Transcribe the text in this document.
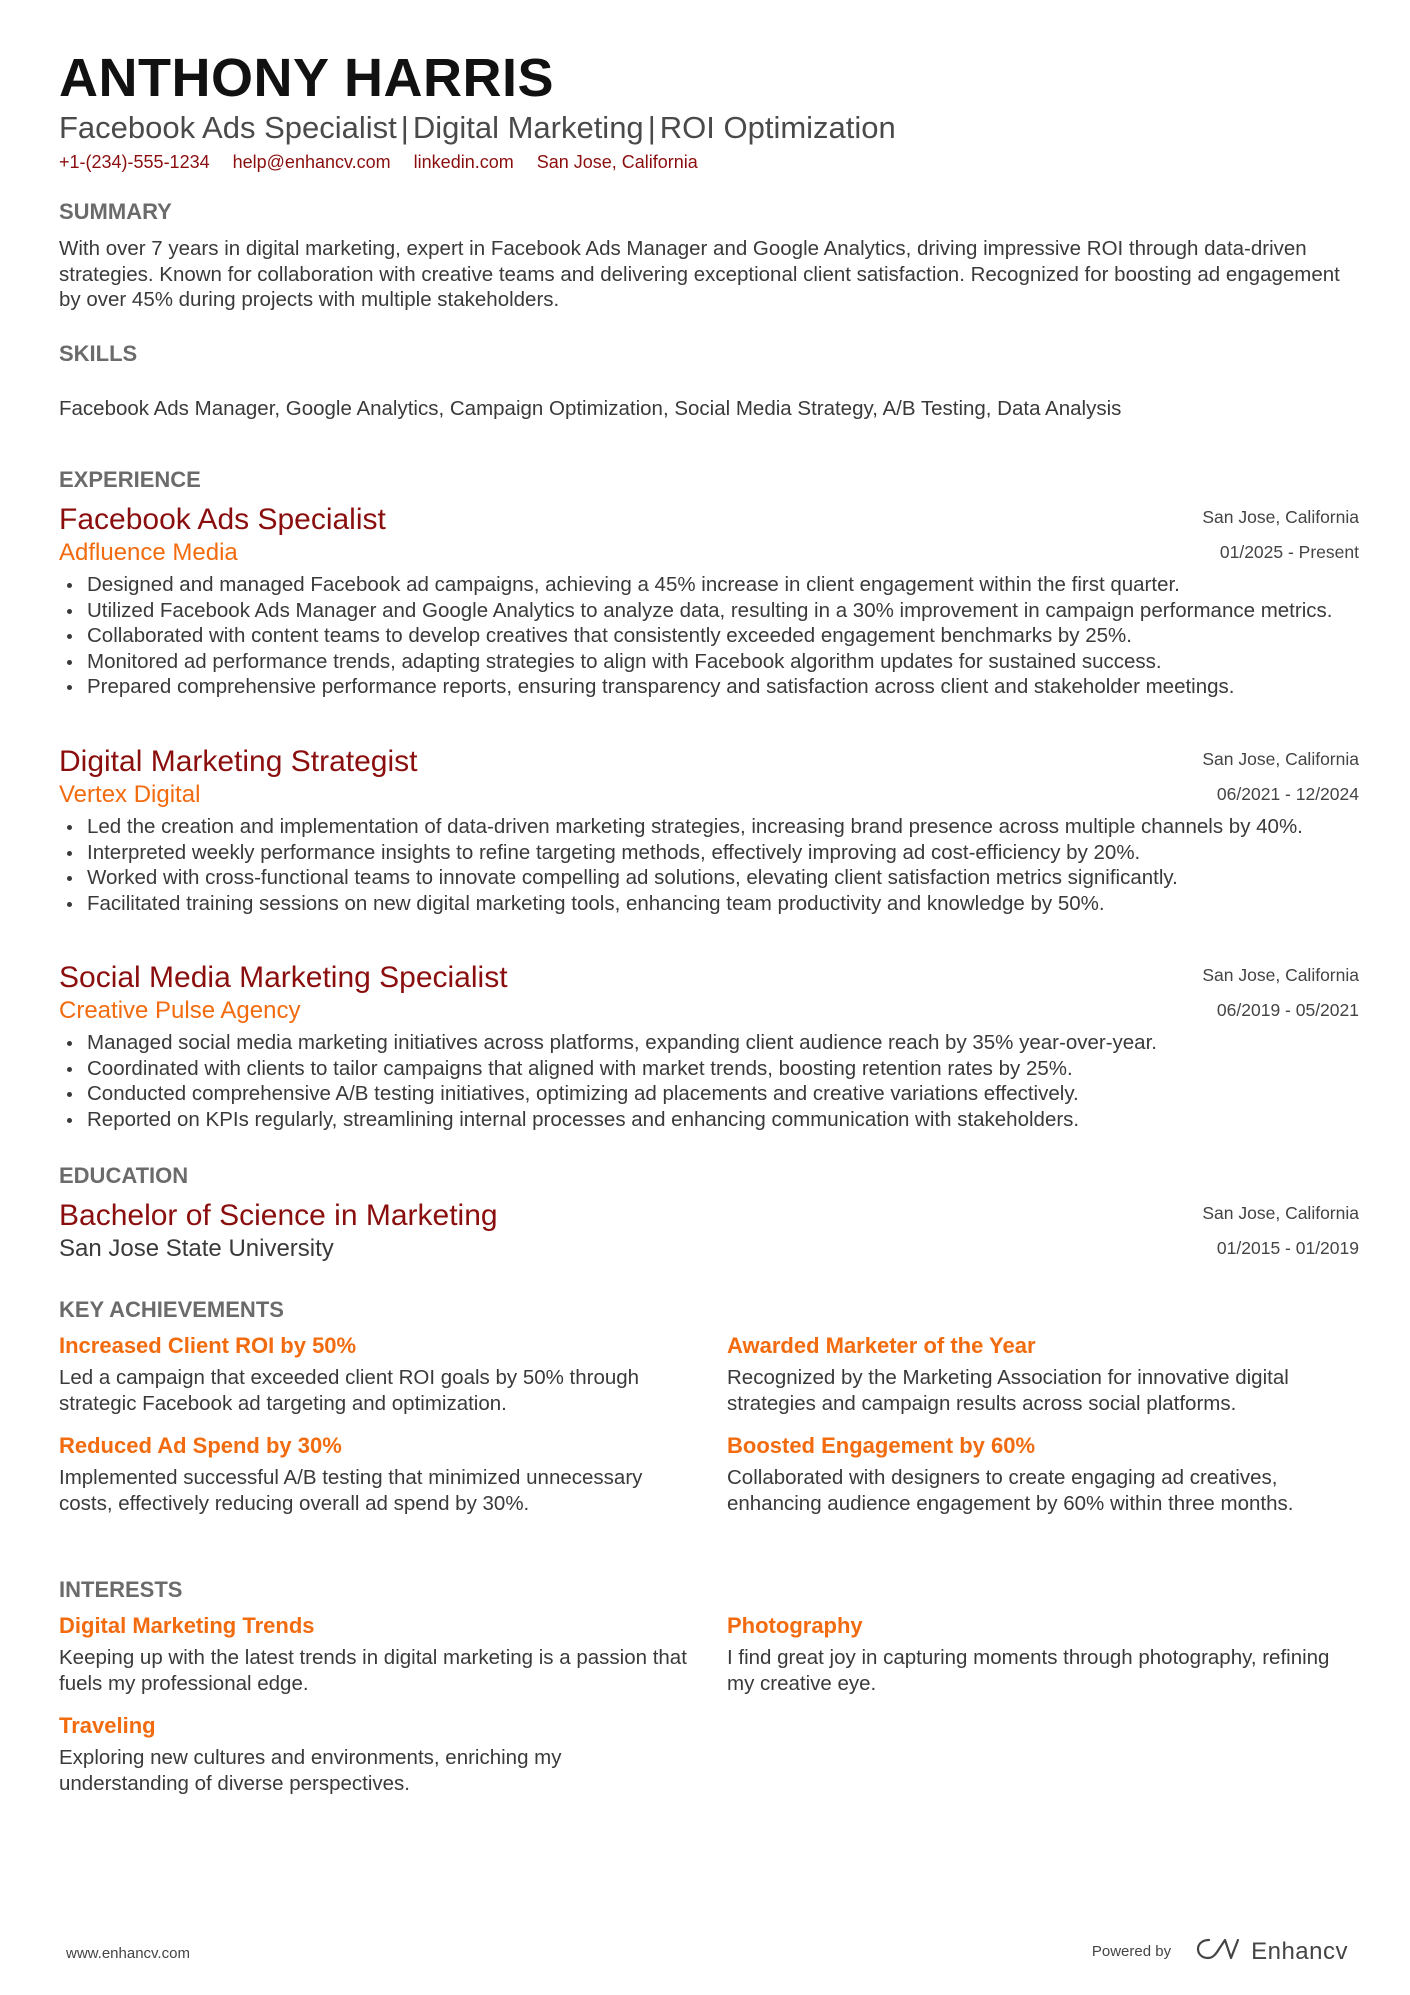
ANTHONY HARRIS
Facebook Ads Specialist | Digital Marketing | ROI Optimization
+1-(234)-555-1234 help@enhancv.com linkedin.com San Jose, California
SUMMARY
With over 7 years in digital marketing, expert in Facebook Ads Manager and Google Analytics, driving impressive ROI through data-driven strategies. Known for collaboration with creative teams and delivering exceptional client satisfaction. Recognized for boosting ad engagement by over 45% during projects with multiple stakeholders.
SKILLS
Facebook Ads Manager, Google Analytics, Campaign Optimization, Social Media Strategy, A/B Testing, Data Analysis
EXPERIENCE
Facebook Ads Specialist
Adfluence Media
San Jose, California
01/2025 - Present
Designed and managed Facebook ad campaigns, achieving a 45% increase in client engagement within the first quarter.
Utilized Facebook Ads Manager and Google Analytics to analyze data, resulting in a 30% improvement in campaign performance metrics.
Collaborated with content teams to develop creatives that consistently exceeded engagement benchmarks by 25%.
Monitored ad performance trends, adapting strategies to align with Facebook algorithm updates for sustained success.
Prepared comprehensive performance reports, ensuring transparency and satisfaction across client and stakeholder meetings.
Digital Marketing Strategist
Vertex Digital
San Jose, California
06/2021 - 12/2024
Led the creation and implementation of data-driven marketing strategies, increasing brand presence across multiple channels by 40%.
Interpreted weekly performance insights to refine targeting methods, effectively improving ad cost-efficiency by 20%.
Worked with cross-functional teams to innovate compelling ad solutions, elevating client satisfaction metrics significantly.
Facilitated training sessions on new digital marketing tools, enhancing team productivity and knowledge by 50%.
Social Media Marketing Specialist
Creative Pulse Agency
San Jose, California
06/2019 - 05/2021
Managed social media marketing initiatives across platforms, expanding client audience reach by 35% year-over-year.
Coordinated with clients to tailor campaigns that aligned with market trends, boosting retention rates by 25%.
Conducted comprehensive A/B testing initiatives, optimizing ad placements and creative variations effectively.
Reported on KPIs regularly, streamlining internal processes and enhancing communication with stakeholders.
EDUCATION
Bachelor of Science in Marketing
San Jose State University
San Jose, California
01/2015 - 01/2019
KEY ACHIEVEMENTS
Increased Client ROI by 50%
Led a campaign that exceeded client ROI goals by 50% through strategic Facebook ad targeting and optimization.
Awarded Marketer of the Year
Recognized by the Marketing Association for innovative digital strategies and campaign results across social platforms.
Reduced Ad Spend by 30%
Implemented successful A/B testing that minimized unnecessary costs, effectively reducing overall ad spend by 30%.
Boosted Engagement by 60%
Collaborated with designers to create engaging ad creatives, enhancing audience engagement by 60% within three months.
INTERESTS
Digital Marketing Trends
Keeping up with the latest trends in digital marketing is a passion that fuels my professional edge.
Photography
I find great joy in capturing moments through photography, refining my creative eye.
Traveling
Exploring new cultures and environments, enriching my understanding of diverse perspectives.
www.enhancv.com	Powered by	Enhancv
